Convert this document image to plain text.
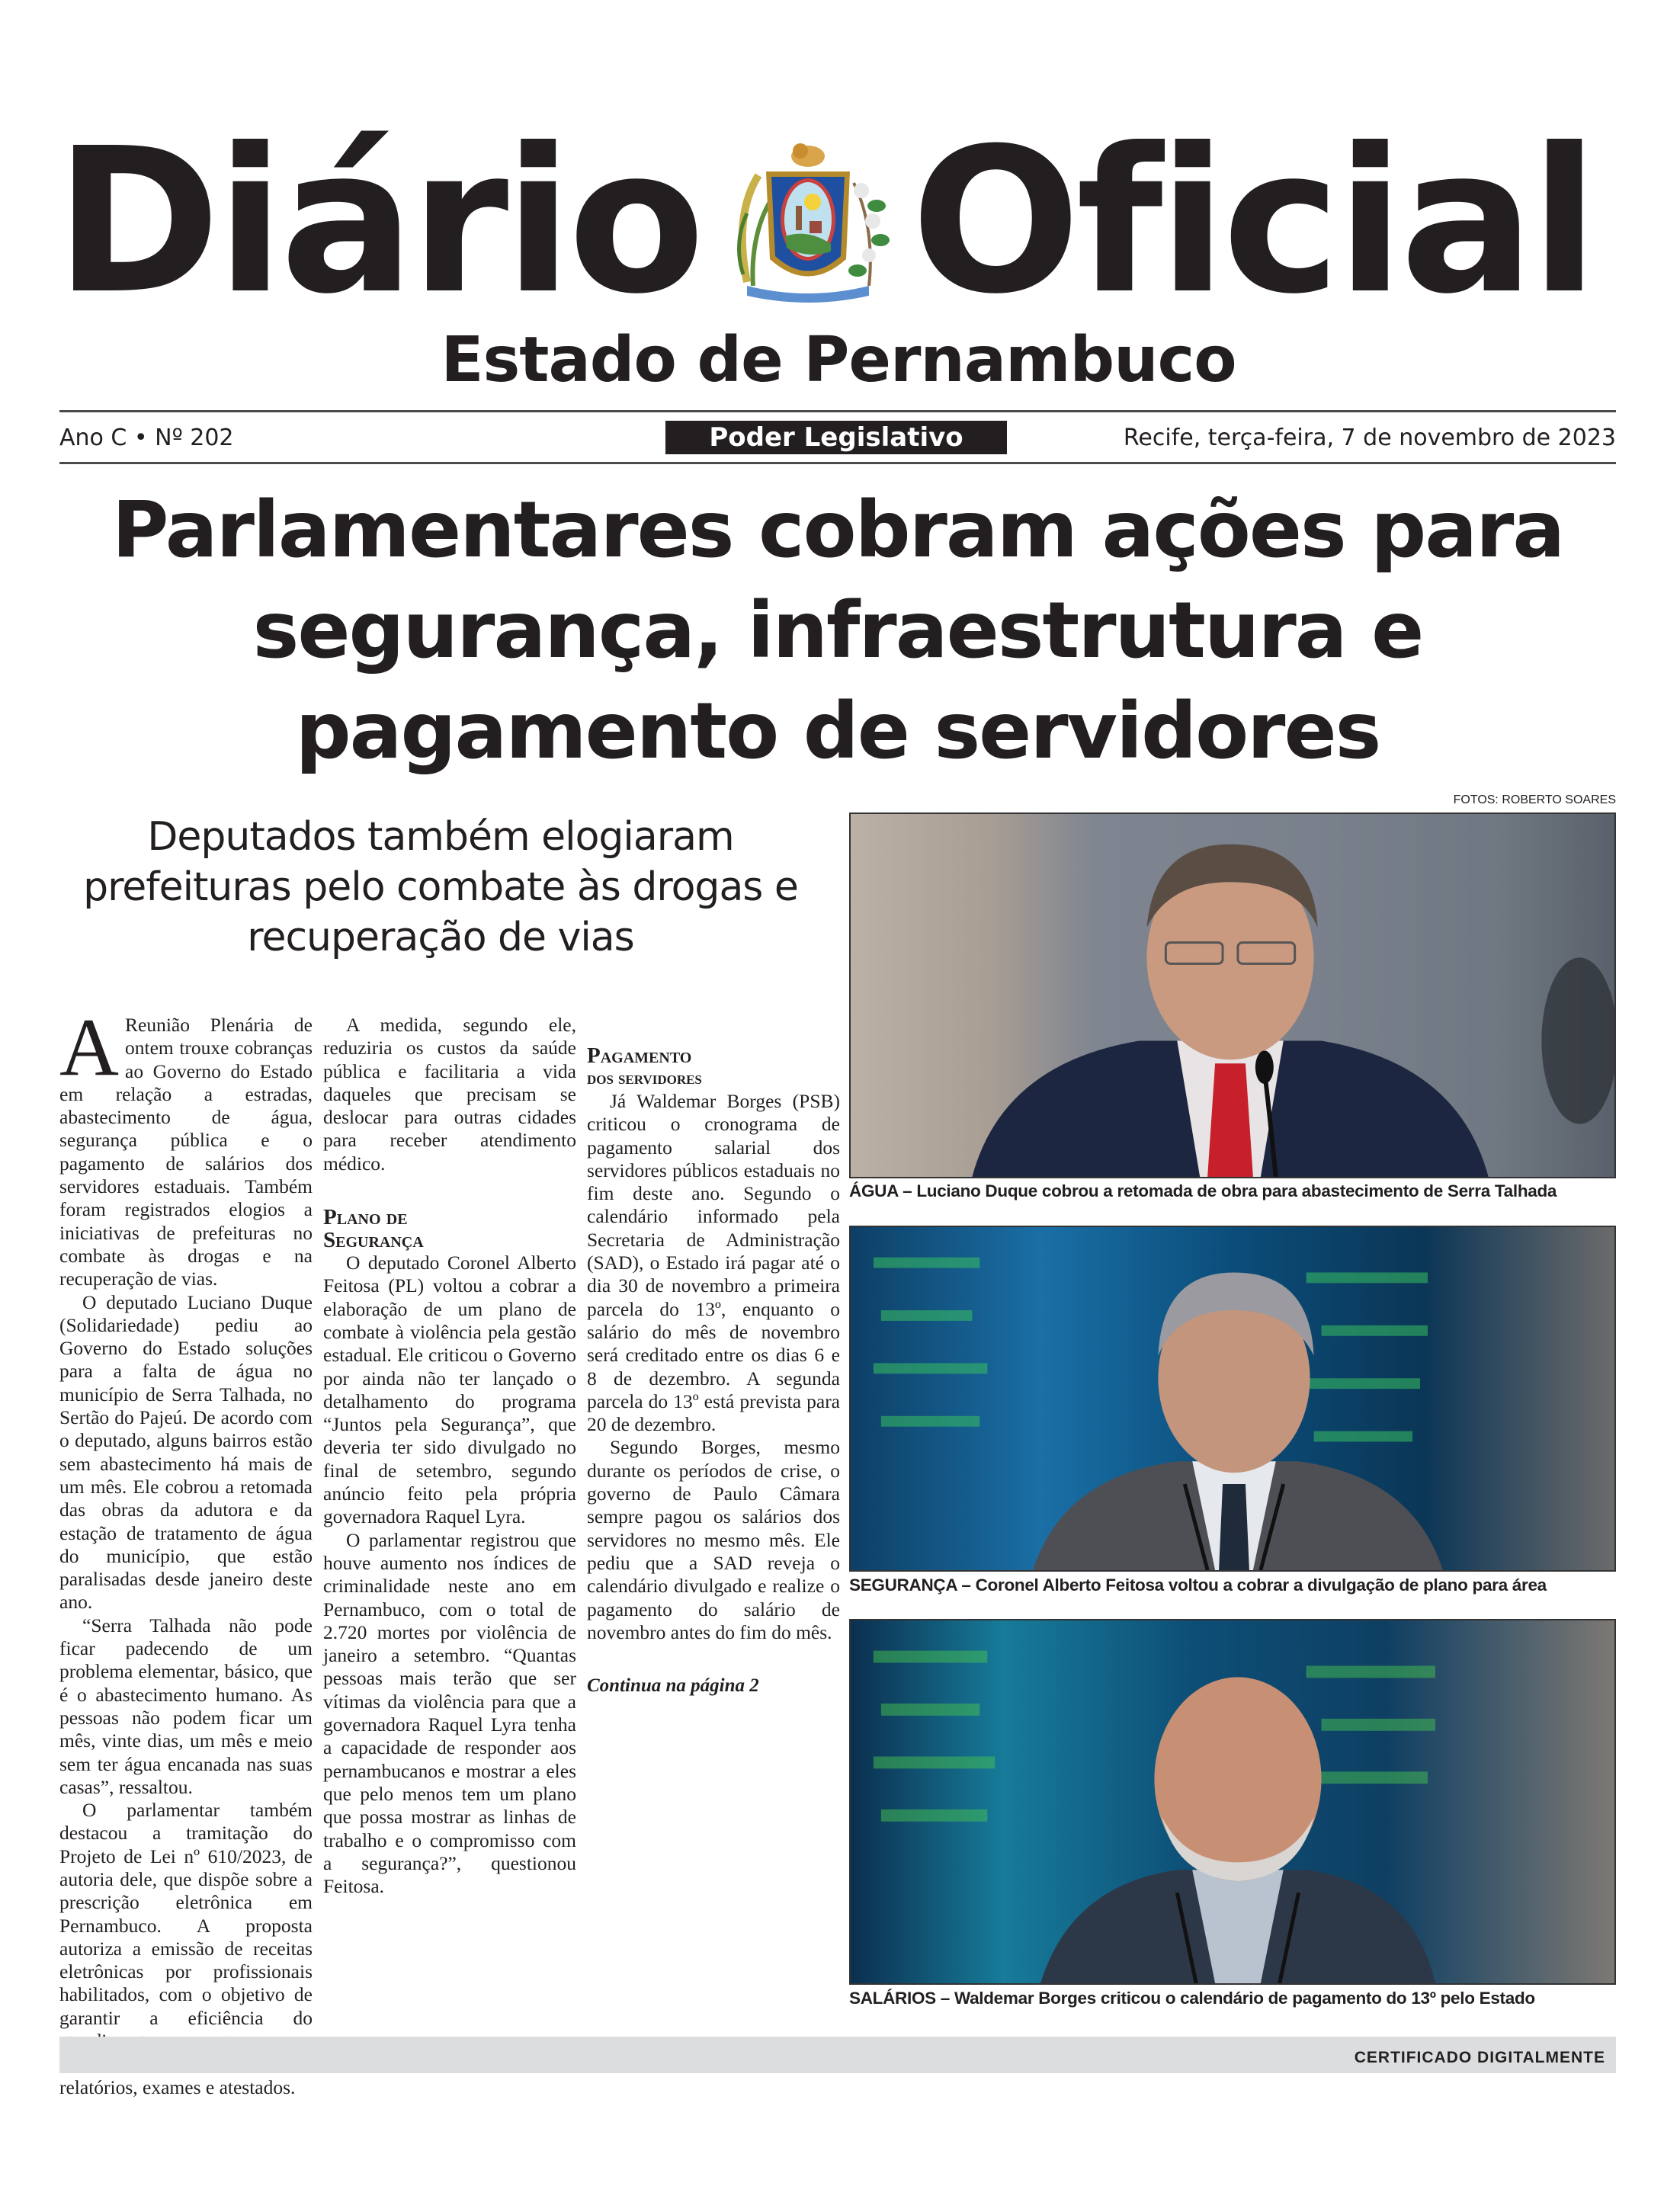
Diário Oficial
Estado de Pernambuco
Ano C • Nº 202	Poder Legislativo	Recife, terça-feira, 7 de novembro de 2023
Parlamentares cobram ações para segurança, infraestrutura e pagamento de servidores
Deputados também elogiaram prefeituras pelo combate às drogas e recuperação de vias

A Reunião Plenária de ontem trouxe cobranças ao Governo do Estado em relação a estradas, abastecimento de água, segurança pública e o pagamento de salários dos servidores estaduais. Também foram registrados elogios a iniciativas de prefeituras no combate às drogas e na recuperação de vias.

O deputado Luciano Duque (Solidariedade) pediu ao Governo do Estado soluções para a falta de água no município de Serra Talhada, no Sertão do Pajeú. De acordo com o deputado, alguns bairros estão sem abastecimento há mais de um mês. Ele cobrou a retomada das obras da adutora e da estação de tratamento de água do município, que estão paralisadas desde janeiro deste ano.

“Serra Talhada não pode ficar padecendo de um problema elementar, básico, que é o abastecimento humano. As pessoas não podem ficar um mês, vinte dias, um mês e meio sem ter água encanada nas suas casas”, ressaltou.

O parlamentar também destacou a tramitação do Projeto de Lei nº 610/2023, de autoria dele, que dispõe sobre a prescrição eletrônica em Pernambuco. A proposta autoriza a emissão de receitas eletrônicas por profissionais habilitados, com o objetivo de garantir a eficiência do relatórios, exames e atestados.

A medida, segundo ele, reduziria os custos da saúde pública e facilitaria a vida daqueles que precisam se deslocar para outras cidades para receber atendimento médico.

Plano de
Segurança

O deputado Coronel Alberto Feitosa (PL) voltou a cobrar a elaboração de um plano de combate à violência pela gestão estadual. Ele criticou o Governo por ainda não ter lançado o detalhamento do programa “Juntos pela Segurança”, que deveria ter sido divulgado no final de setembro, segundo anúncio feito pela própria governadora Raquel Lyra.

O parlamentar registrou que houve aumento nos índices de criminalidade neste ano em Pernambuco, com o total de 2.720 mortes por violência de janeiro a setembro. “Quantas pessoas mais terão que ser vítimas da violência para que a governadora Raquel Lyra tenha a capacidade de responder aos pernambucanos e mostrar a eles que pelo menos tem um plano que possa mostrar as linhas de trabalho e o compromisso com a segurança?”, questionou Feitosa.

Pagamento
dos servidores

Já Waldemar Borges (PSB) criticou o cronograma de pagamento salarial dos servidores públicos estaduais no fim deste ano. Segundo o calendário informado pela Secretaria de Administração (SAD), o Estado irá pagar até o dia 30 de novembro a primeira parcela do 13º, enquanto o salário do mês de novembro será creditado entre os dias 6 e 8 de dezembro. A segunda parcela do 13º está prevista para 20 de dezembro.

Segundo Borges, mesmo durante os períodos de crise, o governo de Paulo Câmara sempre pagou os salários dos servidores no mesmo mês. Ele pediu que a SAD reveja o calendário divulgado e realize o pagamento do salário de novembro antes do fim do mês.

Continua na página 2
FOTOS: ROBERTO SOARES
ÁGUA – Luciano Duque cobrou a retomada de obra para abastecimento de Serra Talhada
SEGURANÇA – Coronel Alberto Feitosa voltou a cobrar a divulgação de plano para área
SALÁRIOS – Waldemar Borges criticou o calendário de pagamento do 13º pelo Estado
CERTIFICADO DIGITALMENTE
